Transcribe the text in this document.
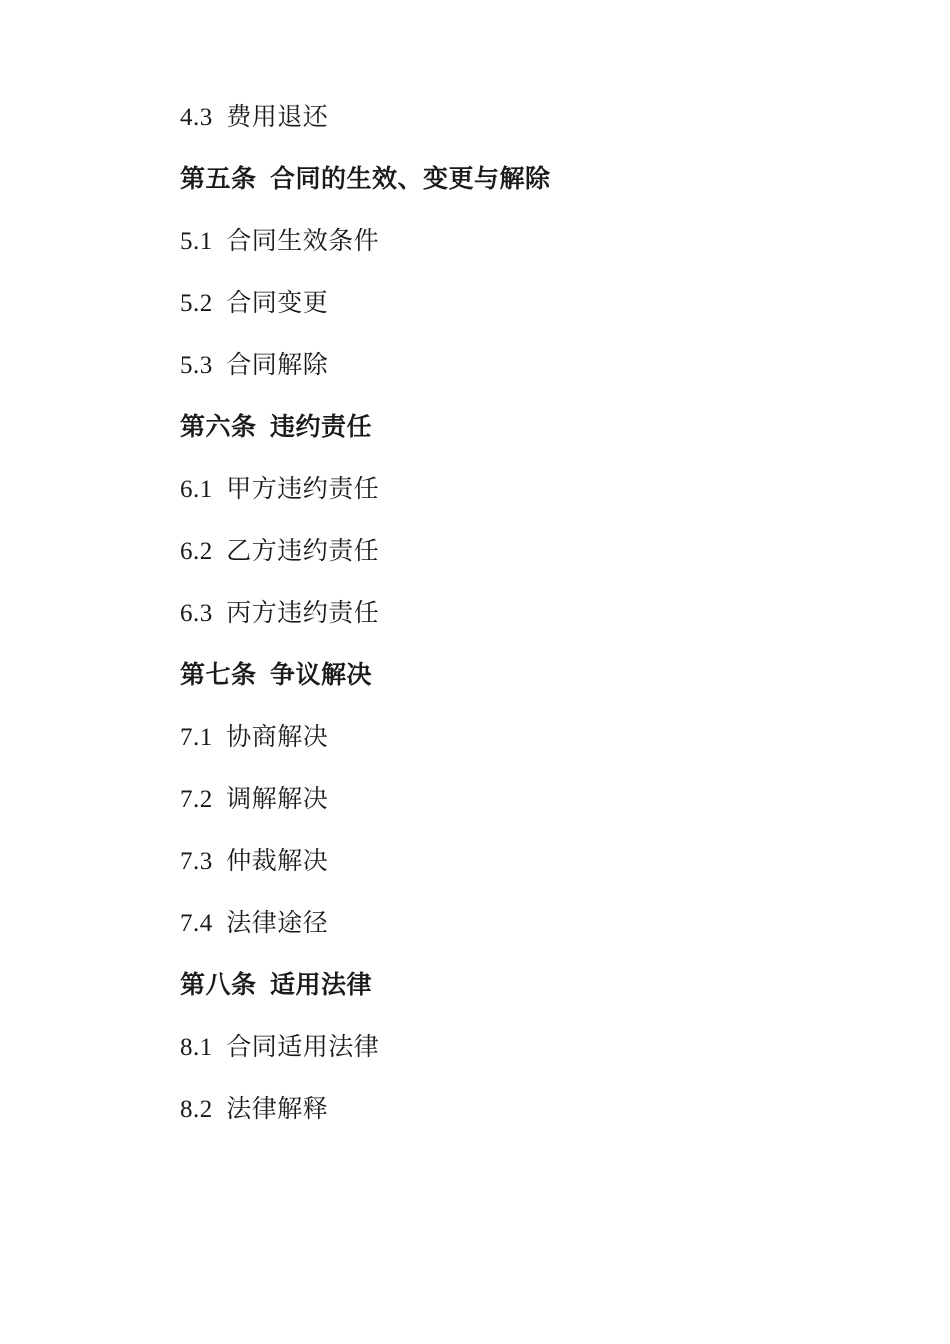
4.3  费用退还
第五条  合同的生效、变更与解除
5.1  合同生效条件
5.2  合同变更
5.3  合同解除
第六条  违约责任
6.1  甲方违约责任
6.2  乙方违约责任
6.3  丙方违约责任
第七条  争议解决
7.1  协商解决
7.2  调解解决
7.3  仲裁解决
7.4  法律途径
第八条  适用法律
8.1  合同适用法律
8.2  法律解释
